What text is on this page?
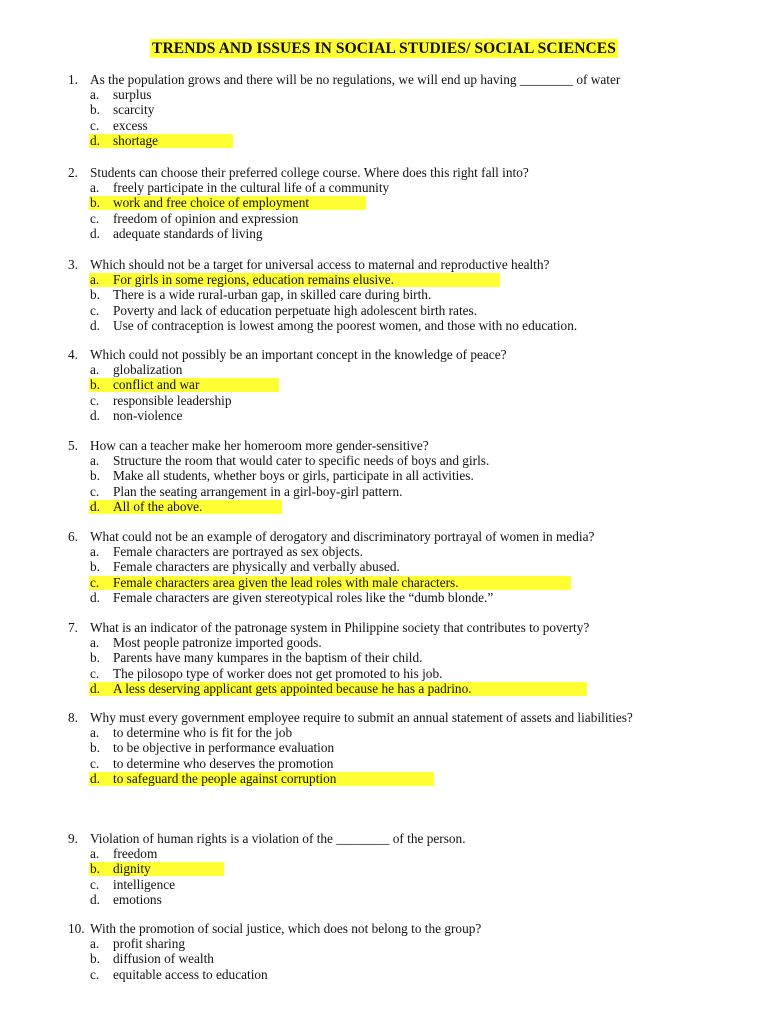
TRENDS AND ISSUES IN SOCIAL STUDIES/ SOCIAL SCIENCES
1. As the population grows and there will be no regulations, we will end up having ________ of water
a.	surplus
b. scarcity
c.	excess
d. shortage
2. Students can choose their preferred college course. Where does this right fall into?
a.	freely participate in the cultural life of a community
b. work and free choice of employment
c.	freedom of opinion and expression
d. adequate standards of living
3. Which should not be a target for universal access to maternal and reproductive health?
a.	For girls in some regions, education remains elusive.
b. There is a wide rural-urban gap, in skilled care during birth.
c.	Poverty and lack of education perpetuate high adolescent birth rates.
d. Use of contraception is lowest among the poorest women, and those with no education.
4. Which could not possibly be an important concept in the knowledge of peace?
a.	globalization
b. conflict and war
c.	responsible leadership
d. non-violence
5. How can a teacher make her homeroom more gender-sensitive?
a.	Structure the room that would cater to specific needs of boys and girls.
b. Make all students, whether boys or girls, participate in all activities.
c.	Plan the seating arrangement in a girl-boy-girl pattern.
d. All of the above.
6. What could not be an example of derogatory and discriminatory portrayal of women in media?
a.	Female characters are portrayed as sex objects.
b. Female characters are physically and verbally abused.
c.	Female characters area given the lead roles with male characters.
d. Female characters are given stereotypical roles like the “dumb blonde.”
7. What is an indicator of the patronage system in Philippine society that contributes to poverty?
a.	Most people patronize imported goods.
b. Parents have many kumpares in the baptism of their child.
c.	The pilosopo type of worker does not get promoted to his job.
d. A less deserving applicant gets appointed because he has a padrino.
8. Why must every government employee require to submit an annual statement of assets and liabilities?
a.	to determine who is fit for the job
b. to be objective in performance evaluation
c.	to determine who deserves the promotion
d. to safeguard the people against corruption
9. Violation of human rights is a violation of the ________ of the person.
a.	freedom
b. dignity
c.	intelligence
d. emotions
10. With the promotion of social justice, which does not belong to the group?
a.	profit sharing
b. diffusion of wealth
c.	equitable access to education
